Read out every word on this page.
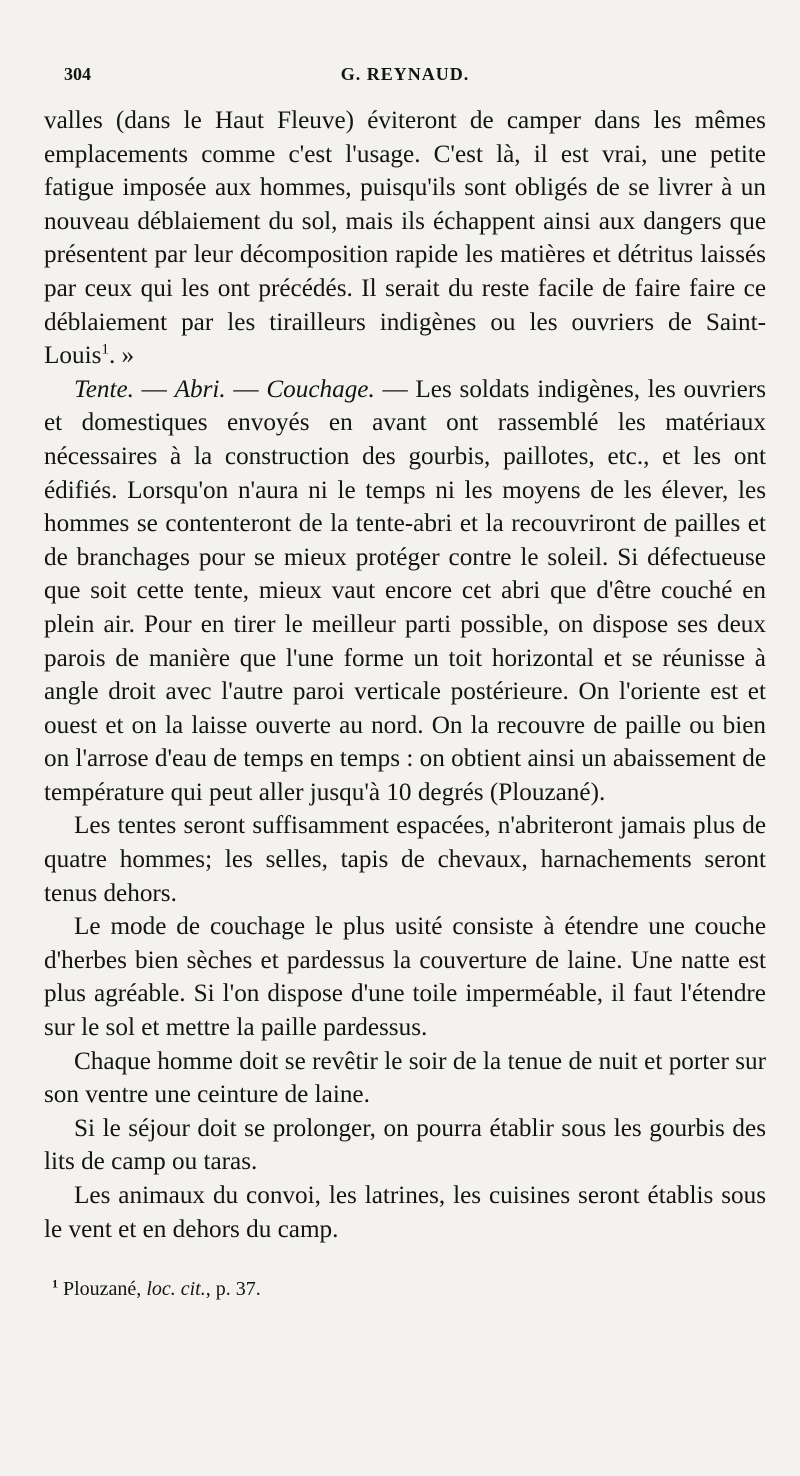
304	G. REYNAUD.

valles (dans le Haut Fleuve) éviteront de camper dans les mêmes emplacements comme c'est l'usage. C'est là, il est vrai, une petite fatigue imposée aux hommes, puisqu'ils sont obligés de se livrer à un nouveau déblaiement du sol, mais ils échappent ainsi aux dangers que présentent par leur décomposition rapide les matières et détritus laissés par ceux qui les ont précédés. Il serait du reste facile de faire faire ce déblaiement par les tirailleurs indigènes ou les ouvriers de Saint-Louis$^1$. »

Tente. — Abri. — Couchage. — Les soldats indigènes, les ouvriers et domestiques envoyés en avant ont rassemblé les matériaux nécessaires à la construction des gourbis, paillotes, etc., et les ont édifiés. Lorsqu'on n'aura ni le temps ni les moyens de les élever, les hommes se contenteront de la tente-abri et la recouvriront de pailles et de branchages pour se mieux protéger contre le soleil. Si défectueuse que soit cette tente, mieux vaut encore cet abri que d'être couché en plein air. Pour en tirer le meilleur parti possible, on dispose ses deux parois de manière que l'une forme un toit horizontal et se réunisse à angle droit avec l'autre paroi verticale postérieure. On l'oriente est et ouest et on la laisse ouverte au nord. On la recouvre de paille ou bien on l'arrose d'eau de temps en temps : on obtient ainsi un abaissement de température qui peut aller jusqu'à 10 degrés (Plouzané).

Les tentes seront suffisamment espacées, n'abriteront jamais plus de quatre hommes; les selles, tapis de chevaux, harnachements seront tenus dehors.

Le mode de couchage le plus usité consiste à étendre une couche d'herbes bien sèches et pardessus la couverture de laine. Une natte est plus agréable. Si l'on dispose d'une toile imperméable, il faut l'étendre sur le sol et mettre la paille pardessus.

Chaque homme doit se revêtir le soir de la tenue de nuit et porter sur son ventre une ceinture de laine.

Si le séjour doit se prolonger, on pourra établir sous les gourbis des lits de camp ou taras.

Les animaux du convoi, les latrines, les cuisines seront établis sous le vent et en dehors du camp.

$^1$ Plouzané, loc. cit., p. 37.
